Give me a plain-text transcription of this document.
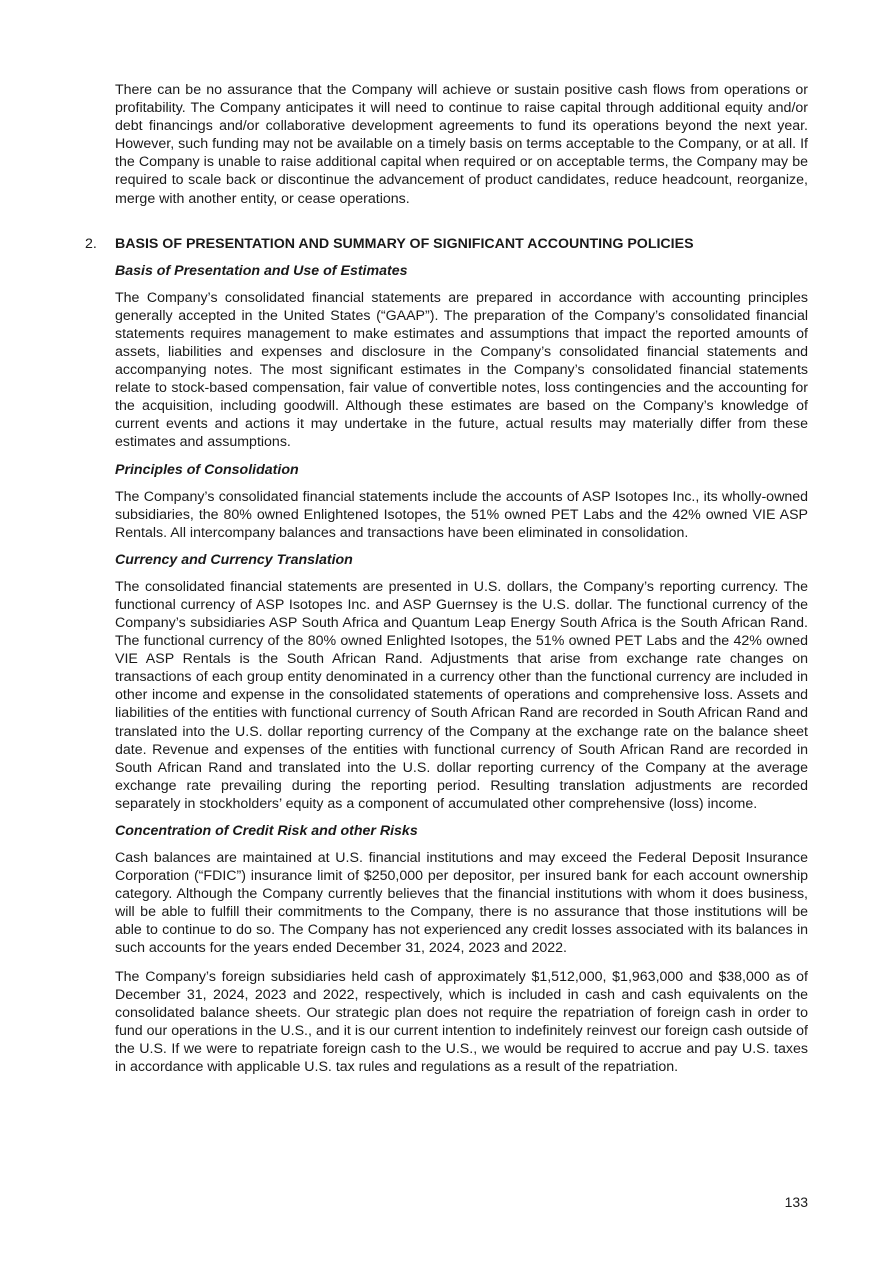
There can be no assurance that the Company will achieve or sustain positive cash flows from operations or profitability. The Company anticipates it will need to continue to raise capital through additional equity and/or debt financings and/or collaborative development agreements to fund its operations beyond the next year. However, such funding may not be available on a timely basis on terms acceptable to the Company, or at all. If the Company is unable to raise additional capital when required or on acceptable terms, the Company may be required to scale back or discontinue the advancement of product candidates, reduce headcount, reorganize, merge with another entity, or cease operations.

2. BASIS OF PRESENTATION AND SUMMARY OF SIGNIFICANT ACCOUNTING POLICIES
Basis of Presentation and Use of Estimates

The Company’s consolidated financial statements are prepared in accordance with accounting principles generally accepted in the United States (“GAAP”). The preparation of the Company’s consolidated financial statements requires management to make estimates and assumptions that impact the reported amounts of assets, liabilities and expenses and disclosure in the Company’s consolidated financial statements and accompanying notes. The most significant estimates in the Company’s consolidated financial statements relate to stock-based compensation, fair value of convertible notes, loss contingencies and the accounting for the acquisition, including goodwill. Although these estimates are based on the Company’s knowledge of current events and actions it may undertake in the future, actual results may materially differ from these estimates and assumptions.

Principles of Consolidation

The Company’s consolidated financial statements include the accounts of ASP Isotopes Inc., its wholly-owned subsidiaries, the 80% owned Enlightened Isotopes, the 51% owned PET Labs and the 42% owned VIE ASP Rentals. All intercompany balances and transactions have been eliminated in consolidation.

Currency and Currency Translation

The consolidated financial statements are presented in U.S. dollars, the Company’s reporting currency. The functional currency of ASP Isotopes Inc. and ASP Guernsey is the U.S. dollar. The functional currency of the Company’s subsidiaries ASP South Africa and Quantum Leap Energy South Africa is the South African Rand. The functional currency of the 80% owned Enlighted Isotopes, the 51% owned PET Labs and the 42% owned VIE ASP Rentals is the South African Rand. Adjustments that arise from exchange rate changes on transactions of each group entity denominated in a currency other than the functional currency are included in other income and expense in the consolidated statements of operations and comprehensive loss. Assets and liabilities of the entities with functional currency of South African Rand are recorded in South African Rand and translated into the U.S. dollar reporting currency of the Company at the exchange rate on the balance sheet date. Revenue and expenses of the entities with functional currency of South African Rand are recorded in South African Rand and translated into the U.S. dollar reporting currency of the Company at the average exchange rate prevailing during the reporting period. Resulting translation adjustments are recorded separately in stockholders’ equity as a component of accumulated other comprehensive (loss) income.

Concentration of Credit Risk and other Risks

Cash balances are maintained at U.S. financial institutions and may exceed the Federal Deposit Insurance Corporation (“FDIC”) insurance limit of $250,000 per depositor, per insured bank for each account ownership category. Although the Company currently believes that the financial institutions with whom it does business, will be able to fulfill their commitments to the Company, there is no assurance that those institutions will be able to continue to do so. The Company has not experienced any credit losses associated with its balances in such accounts for the years ended December 31, 2024, 2023 and 2022.

The Company’s foreign subsidiaries held cash of approximately $1,512,000, $1,963,000 and $38,000 as of December 31, 2024, 2023 and 2022, respectively, which is included in cash and cash equivalents on the consolidated balance sheets. Our strategic plan does not require the repatriation of foreign cash in order to fund our operations in the U.S., and it is our current intention to indefinitely reinvest our foreign cash outside of the U.S. If we were to repatriate foreign cash to the U.S., we would be required to accrue and pay U.S. taxes in accordance with applicable U.S. tax rules and regulations as a result of the repatriation.

133
